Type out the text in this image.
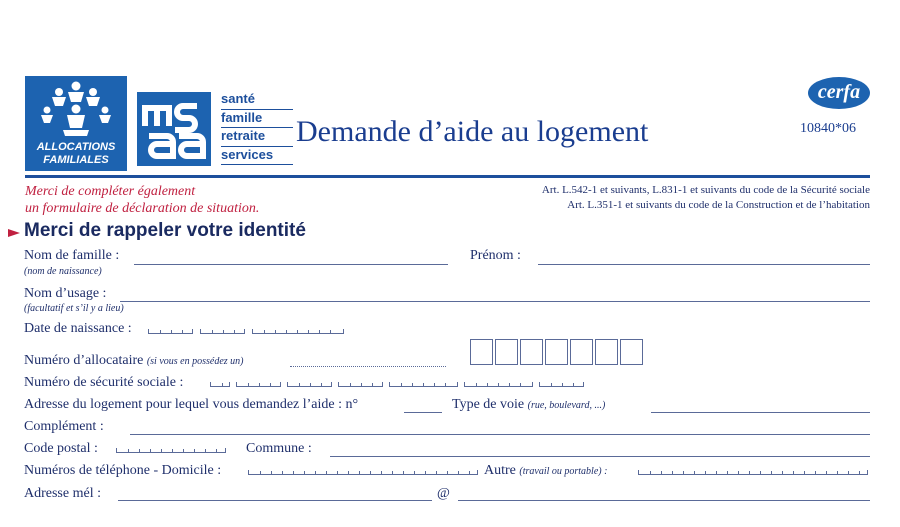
ALLOCATIONS
FAMILIALES
santé
famille
retraite
services
Demande d’aide au logement
cerfa
10840*06
Merci de compléter également
un formulaire de déclaration de situation.
Art. L.542-1 et suivants, L.831-1 et suivants du code de la Sécurité sociale
Art. L.351-1 et suivants du code de la Construction et de l’habitation
Merci de rappeler votre identité
Nom de famille :
(nom de naissance)
Prénom :
Nom d’usage :
(facultatif et s’il y a lieu)
Date de naissance :
Numéro d’allocataire (si vous en possédez un)
Numéro de sécurité sociale :
Adresse du logement pour lequel vous demandez l’aide : n°	Type de voie (rue, boulevard, ...)
Complément :
Code postal :	Commune :
Numéros de téléphone - Domicile :	Autre (travail ou portable) :
Adresse mél :	@
